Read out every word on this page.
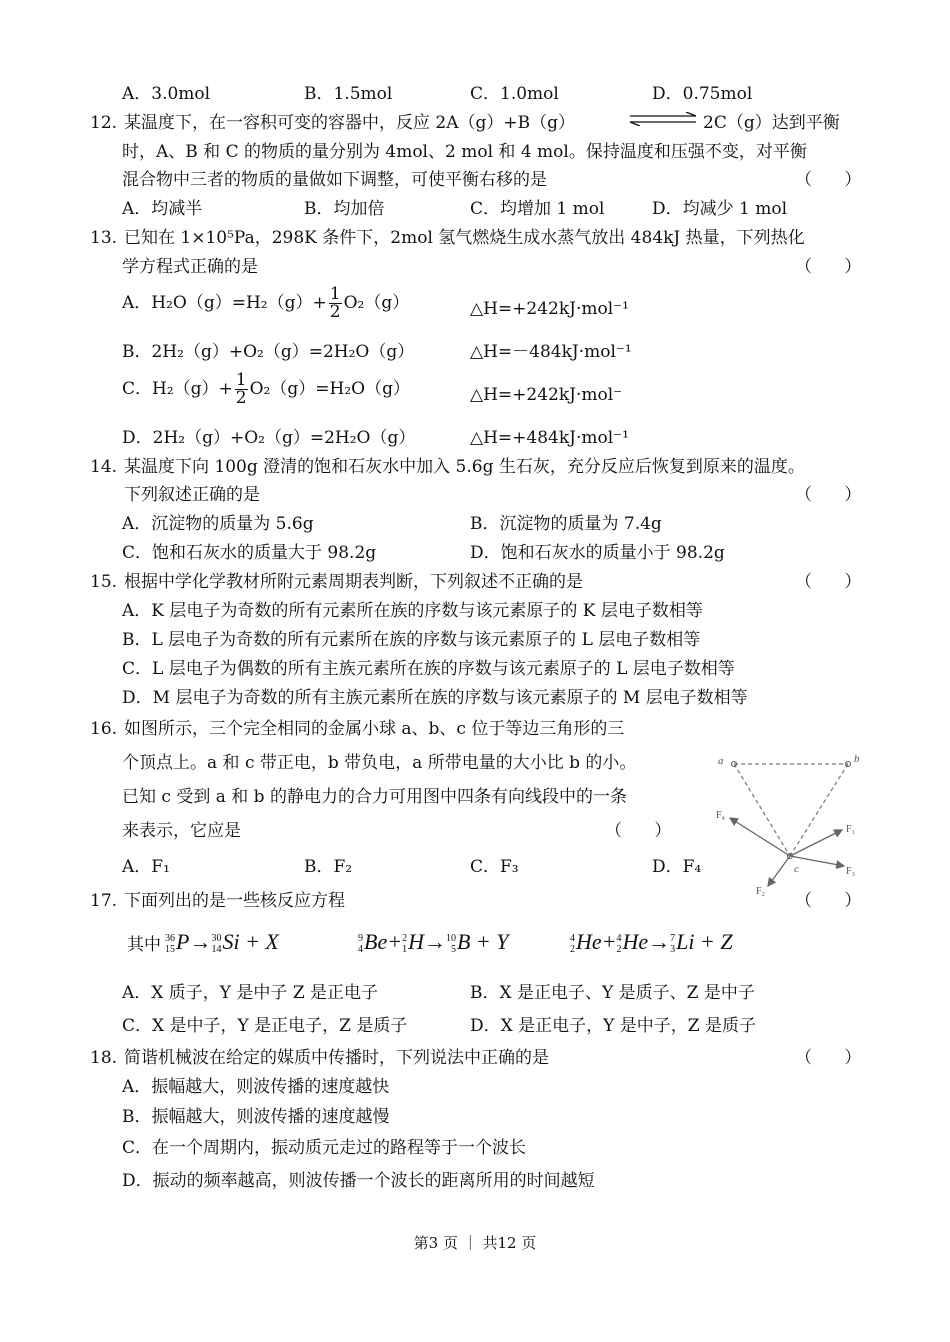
A．3.0mol	B．1.5mol	C．1.0mol	D．0.75mol
12. 某温度下，在一容积可变的容器中，反应 2A（g）+B（g）	2C（g）达到平衡
时，A、B 和 C 的物质的量分别为 4mol、2 mol 和 4 mol。保持温度和压强不变，对平衡
混合物中三者的物质的量做如下调整，可使平衡右移的是	（      ）
A．均减半	B．均加倍	C．均增加 1 mol	D．均减少 1 mol
13. 已知在 1×10⁵Pa，298K 条件下，2mol 氢气燃烧生成水蒸气放出 484kJ 热量，下列热化
学方程式正确的是	（      ）
A．$H_2O(g)=H_2(g)+ \frac{1}{2} O_2(g)$	△H=+242kJ·mol⁻¹
B．2H₂（g）+O₂（g）=2H₂O（g）	△H=－484kJ·mol⁻¹
C．$H_2(g)+ \frac{1}{2} O_2(g)=H_2O(g)$	△H=+242kJ·mol⁻
D．2H₂（g）+O₂（g）=2H₂O（g）	△H=+484kJ·mol⁻¹
14. 某温度下向 100g 澄清的饱和石灰水中加入 5.6g 生石灰，充分反应后恢复到原来的温度。
下列叙述正确的是	（      ）
A．沉淀物的质量为 5.6g	B．沉淀物的质量为 7.4g
C．饱和石灰水的质量大于 98.2g	D．饱和石灰水的质量小于 98.2g
15. 根据中学化学教材所附元素周期表判断，下列叙述不正确的是	（      ）
A．K 层电子为奇数的所有元素所在族的序数与该元素原子的 K 层电子数相等
B．L 层电子为奇数的所有元素所在族的序数与该元素原子的 L 层电子数相等
C．L 层电子为偶数的所有主族元素所在族的序数与该元素原子的 L 层电子数相等
D．M 层电子为奇数的所有主族元素所在族的序数与该元素原子的 M 层电子数相等
16. 如图所示，三个完全相同的金属小球 a、b、c 位于等边三角形的三
个顶点上。a 和 c 带正电，b 带负电，a 所带电量的大小比 b 的小。
已知 c 受到 a 和 b 的静电力的合力可用图中四条有向线段中的一条
来表示，它应是	（      ）
A．F₁	B．F₂	C．F₃	D．F₄
a	b
c
F₄
F₁
F₃
F₂
17. 下面列出的是一些核反应方程	（      ）
其中 36
15P→30
14Si + X	9
4Be+2
1H→10
5B + Y	4
2He+4
2He→7
3Li + Z
A．X 质子，Y 是中子 Z 是正电子	B．X 是正电子、Y 是质子、Z 是中子
C．X 是中子，Y 是正电子，Z 是质子	D．X 是正电子，Y 是中子，Z 是质子
18. 简谐机械波在给定的媒质中传播时，下列说法中正确的是	（      ）
A．振幅越大，则波传播的速度越快
B．振幅越大，则波传播的速度越慢
C．在一个周期内，振动质元走过的路程等于一个波长
D．振动的频率越高，则波传播一个波长的距离所用的时间越短
第3 页 ｜ 共12 页
